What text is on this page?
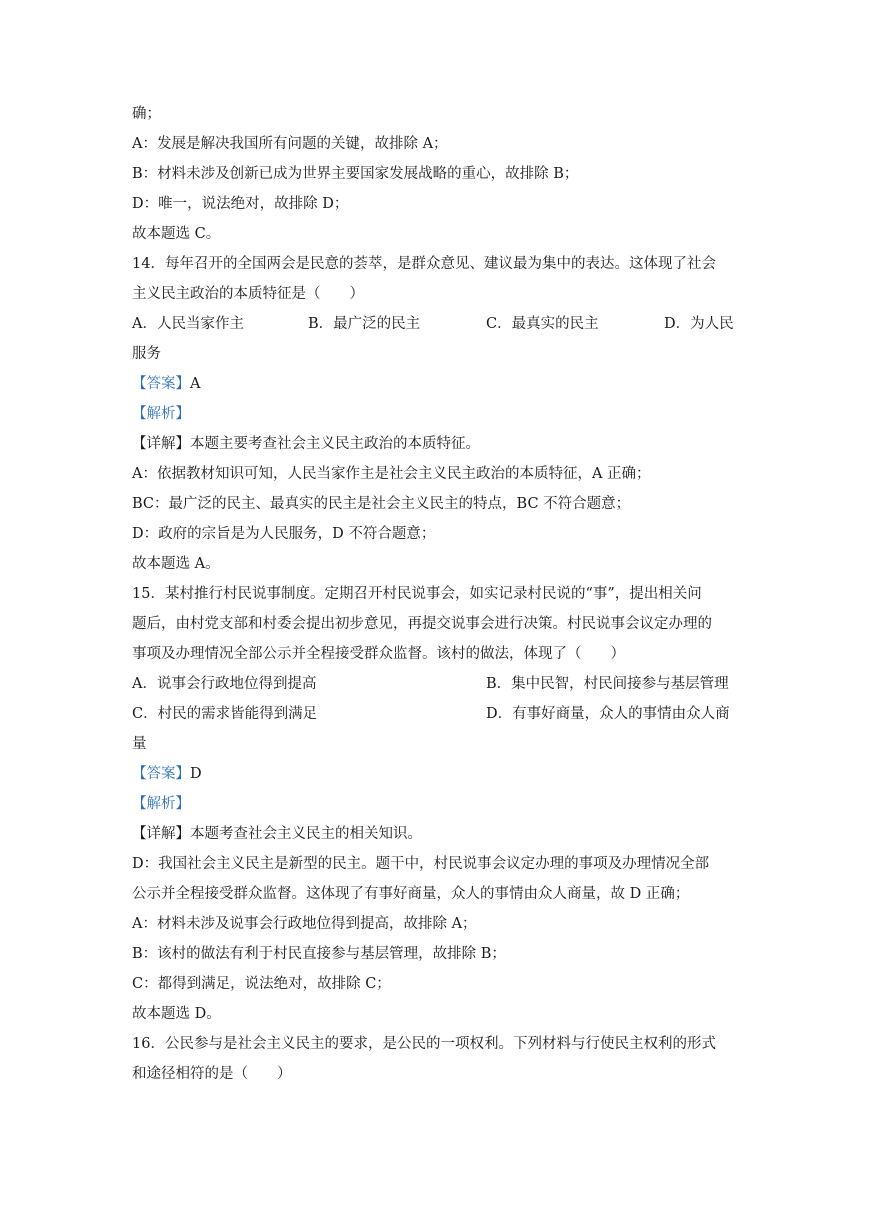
确；
A：发展是解决我国所有问题的关键，故排除 A；
B：材料未涉及创新已成为世界主要国家发展战略的重心，故排除 B；
D：唯一，说法绝对，故排除 D；
故本题选 C。
14．每年召开的全国两会是民意的荟萃，是群众意见、建议最为集中的表达。这体现了社会
主义民主政治的本质特征是（　　）
A．人民当家作主	B．最广泛的民主	C．最真实的民主	D．为人民
服务
【答案】A
【解析】
【详解】本题主要考查社会主义民主政治的本质特征。
A：依据教材知识可知，人民当家作主是社会主义民主政治的本质特征，A 正确；
BC：最广泛的民主、最真实的民主是社会主义民主的特点，BC 不符合题意；
D：政府的宗旨是为人民服务，D 不符合题意；
故本题选 A。
15．某村推行村民说事制度。定期召开村民说事会，如实记录村民说的“事”，提出相关问
题后，由村党支部和村委会提出初步意见，再提交说事会进行决策。村民说事会议定办理的
事项及办理情况全部公示并全程接受群众监督。该村的做法，体现了（　　）
A．说事会行政地位得到提高	B．集中民智，村民间接参与基层管理
C．村民的需求皆能得到满足	D．有事好商量，众人的事情由众人商
量
【答案】D
【解析】
【详解】本题考查社会主义民主的相关知识。
D：我国社会主义民主是新型的民主。题干中，村民说事会议定办理的事项及办理情况全部
公示并全程接受群众监督。这体现了有事好商量，众人的事情由众人商量，故 D 正确；
A：材料未涉及说事会行政地位得到提高，故排除 A；
B：该村的做法有利于村民直接参与基层管理，故排除 B；
C：都得到满足，说法绝对，故排除 C；
故本题选 D。
16．公民参与是社会主义民主的要求，是公民的一项权利。下列材料与行使民主权利的形式
和途径相符的是（　　）
